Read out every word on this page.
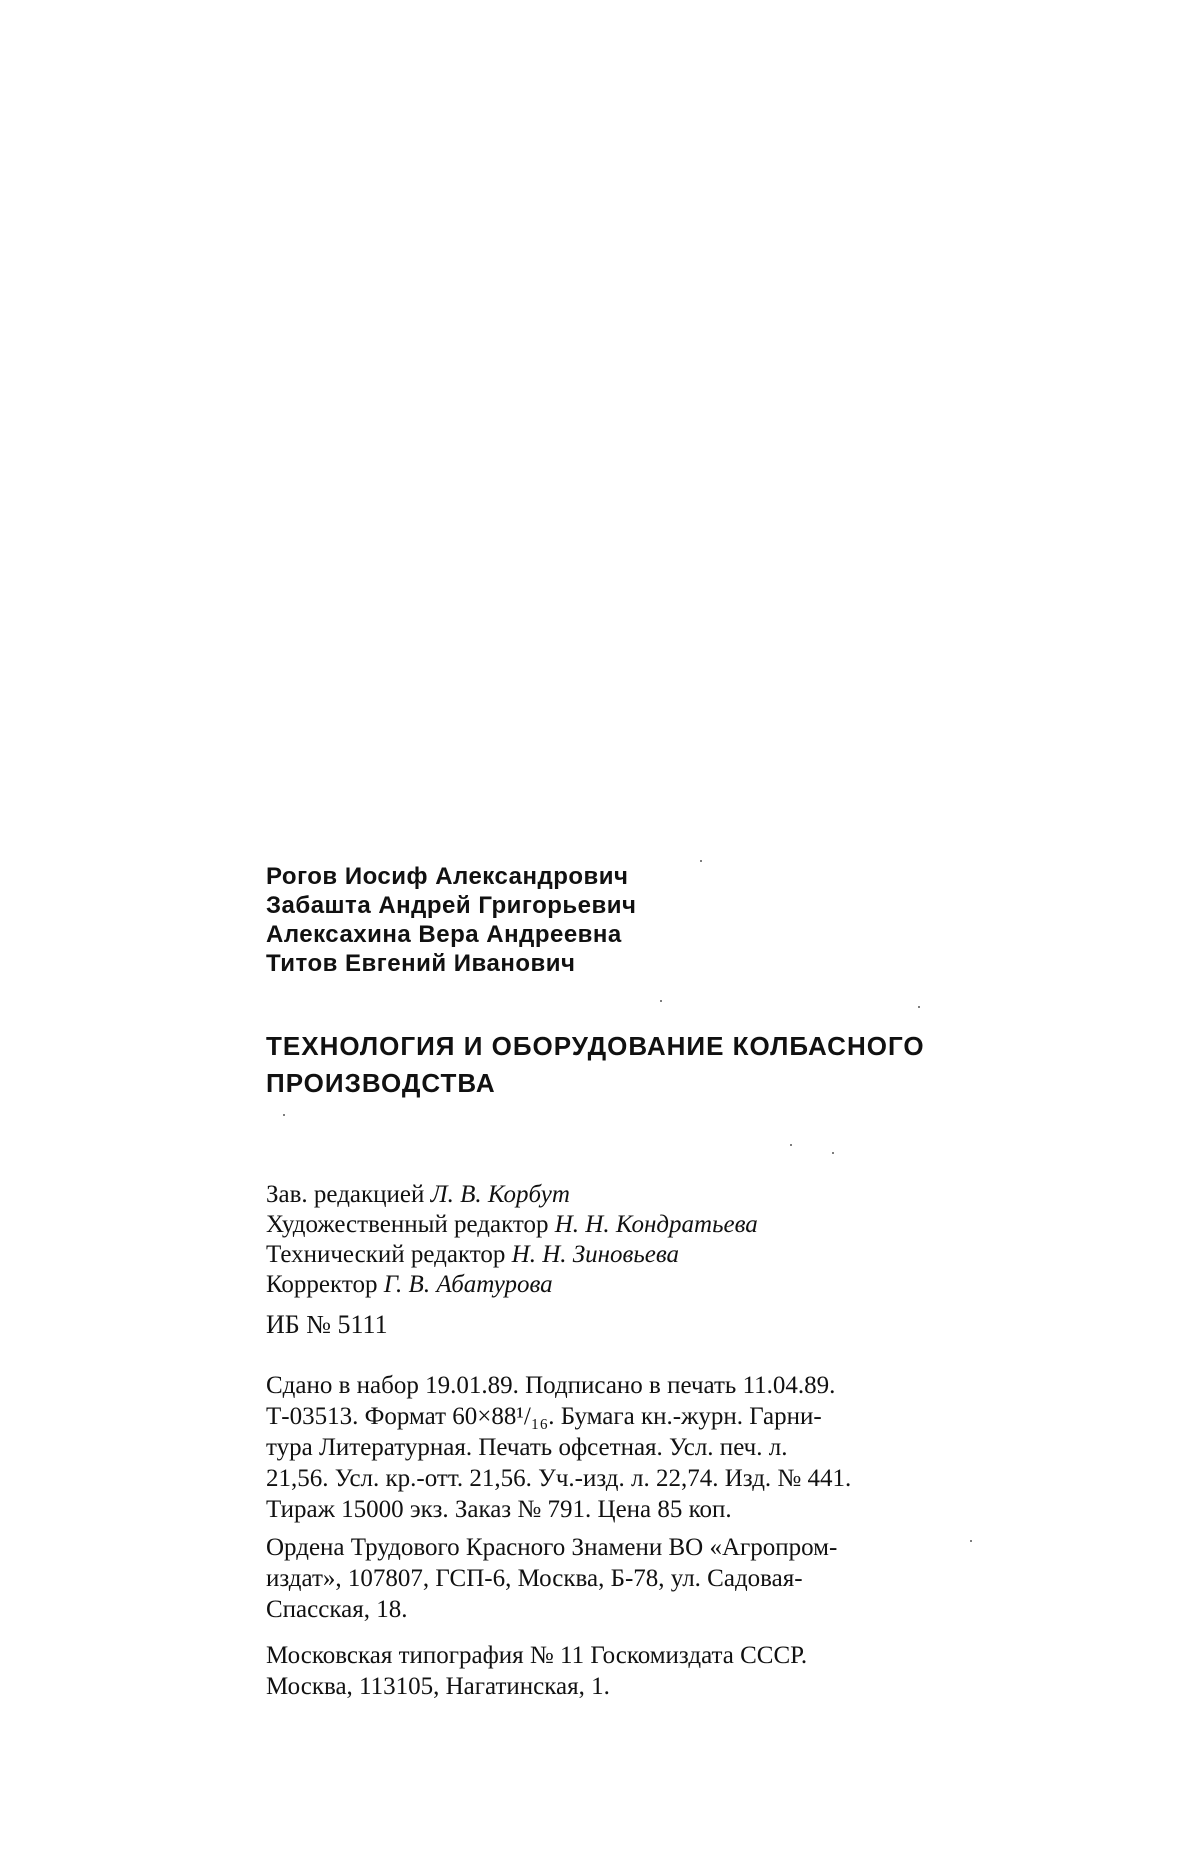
Рогов Иосиф Александрович
Забашта Андрей Григорьевич
Алексахина Вера Андреевна
Титов Евгений Иванович
ТЕХНОЛОГИЯ И ОБОРУДОВАНИЕ КОЛБАСНОГО
ПРОИЗВОДСТВА
Зав. редакцией Л. В. Корбут
Художественный редактор Н. Н. Кондратьева
Технический редактор Н. Н. Зиновьева
Корректор Г. В. Абатурова
ИБ № 5111
Сдано в набор 19.01.89. Подписано в печать 11.04.89.
Т-03513. Формат 60×88¹/₁₆. Бумага кн.-журн. Гарни-
тура Литературная. Печать офсетная. Усл. печ. л.
21,56. Усл. кр.-отт. 21,56. Уч.-изд. л. 22,74. Изд. № 441.
Тираж 15000 экз. Заказ № 791. Цена 85 коп.
Ордена Трудового Красного Знамени ВО «Агропром-
издат», 107807, ГСП-6, Москва, Б-78, ул. Садовая-
Спасская, 18.
Московская типография № 11 Госкомиздата СССР.
Москва, 113105, Нагатинская, 1.
